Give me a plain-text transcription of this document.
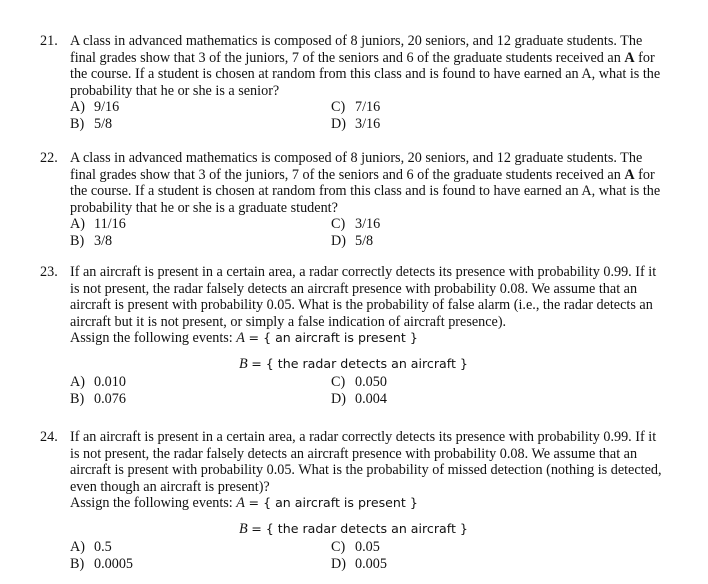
21. A class in advanced mathematics is composed of 8 juniors, 20 seniors, and 12 graduate students. The
final grades show that 3 of the juniors, 7 of the seniors and 6 of the graduate students received an A for
the course. If a student is chosen at random from this class and is found to have earned an A, what is the
probability that he or she is a senior?
A) 9/16
B) 5/8
C) 7/16
D) 3/16
22. A class in advanced mathematics is composed of 8 juniors, 20 seniors, and 12 graduate students. The
final grades show that 3 of the juniors, 7 of the seniors and 6 of the graduate students received an A for
the course. If a student is chosen at random from this class and is found to have earned an A, what is the
probability that he or she is a graduate student?
A) 11/16
B) 3/8
C) 3/16
D) 5/8
23. If an aircraft is present in a certain area, a radar correctly detects its presence with probability 0.99. If it
is not present, the radar falsely detects an aircraft presence with probability 0.08. We assume that an
aircraft is present with probability 0.05. What is the probability of false alarm (i.e., the radar detects an
aircraft but it is not present, or simply a false indication of aircraft presence).
Assign the following events: A = { an aircraft is present }
B = { the radar detects an aircraft }
A) 0.010
B) 0.076
C) 0.050
D) 0.004
24. If an aircraft is present in a certain area, a radar correctly detects its presence with probability 0.99. If it
is not present, the radar falsely detects an aircraft presence with probability 0.08. We assume that an
aircraft is present with probability 0.05. What is the probability of missed detection (nothing is detected,
even though an aircraft is present)?
Assign the following events: A = { an aircraft is present }
B = { the radar detects an aircraft }
A) 0.5
B) 0.0005
C) 0.05
D) 0.005
